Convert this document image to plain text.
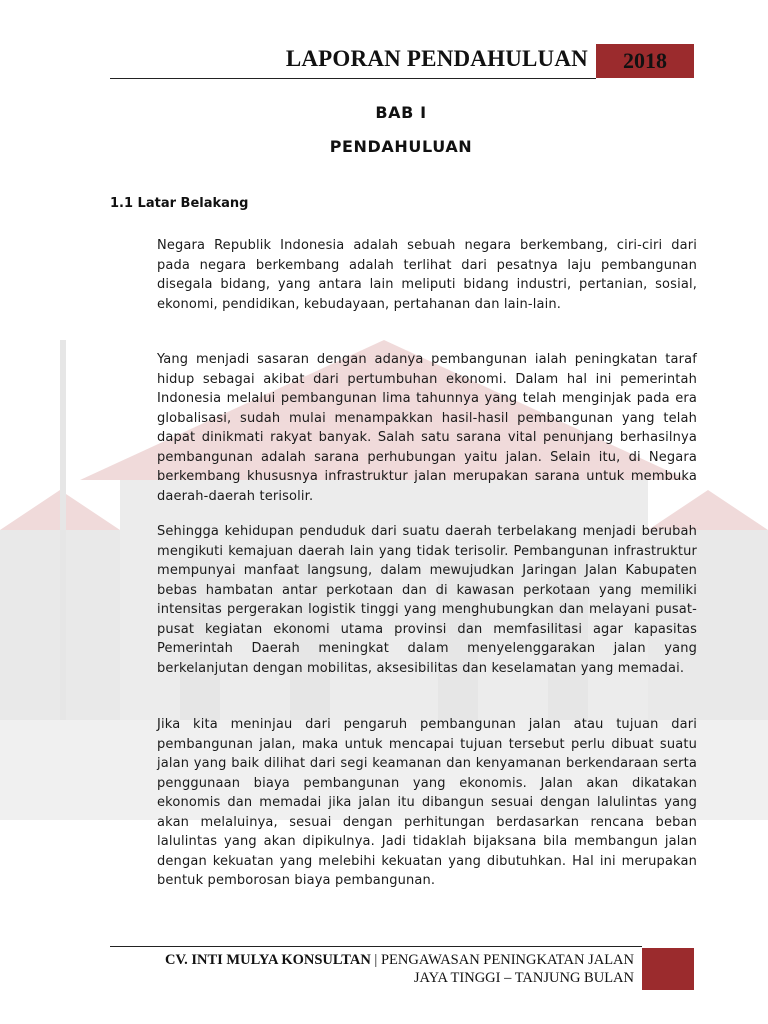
LAPORAN PENDAHULUAN	2018
BAB I
PENDAHULUAN
1.1 Latar Belakang

Negara Republik Indonesia adalah sebuah negara berkembang, ciri-ciri dari pada negara berkembang adalah terlihat dari pesatnya laju pembangunan disegala bidang, yang antara lain meliputi bidang industri, pertanian, sosial, ekonomi, pendidikan, kebudayaan, pertahanan dan lain-lain.

Yang menjadi sasaran dengan adanya pembangunan ialah peningkatan taraf hidup sebagai akibat dari pertumbuhan ekonomi. Dalam hal ini pemerintah Indonesia melalui pembangunan lima tahunnya yang telah menginjak pada era globalisasi, sudah mulai menampakkan hasil-hasil pembangunan yang telah dapat dinikmati rakyat banyak. Salah satu sarana vital penunjang berhasilnya pembangunan adalah sarana perhubungan yaitu jalan. Selain itu, di Negara berkembang khususnya infrastruktur jalan merupakan sarana untuk membuka daerah-daerah terisolir.

Sehingga kehidupan penduduk dari suatu daerah terbelakang menjadi berubah mengikuti kemajuan daerah lain yang tidak terisolir. Pembangunan infrastruktur mempunyai manfaat langsung, dalam mewujudkan Jaringan Jalan Kabupaten bebas hambatan antar perkotaan dan di kawasan perkotaan yang memiliki intensitas pergerakan logistik tinggi yang menghubungkan dan melayani pusat-pusat kegiatan ekonomi utama provinsi dan memfasilitasi agar kapasitas Pemerintah Daerah meningkat dalam menyelenggarakan jalan yang berkelanjutan dengan mobilitas, aksesibilitas dan keselamatan yang memadai.

Jika kita meninjau dari pengaruh pembangunan jalan atau tujuan dari pembangunan jalan, maka untuk mencapai tujuan tersebut perlu dibuat suatu jalan yang baik dilihat dari segi keamanan dan kenyamanan berkendaraan serta penggunaan biaya pembangunan yang ekonomis. Jalan akan dikatakan ekonomis dan memadai jika jalan itu dibangun sesuai dengan lalulintas yang akan melaluinya, sesuai dengan perhitungan berdasarkan rencana beban lalulintas yang akan dipikulnya. Jadi tidaklah bijaksana bila membangun jalan dengan kekuatan yang melebihi kekuatan yang dibutuhkan. Hal ini merupakan bentuk pemborosan biaya pembangunan.

CV. INTI MULYA KONSULTAN | PENGAWASAN PENINGKATAN JALAN
JAYA TINGGI – TANJUNG BULAN
